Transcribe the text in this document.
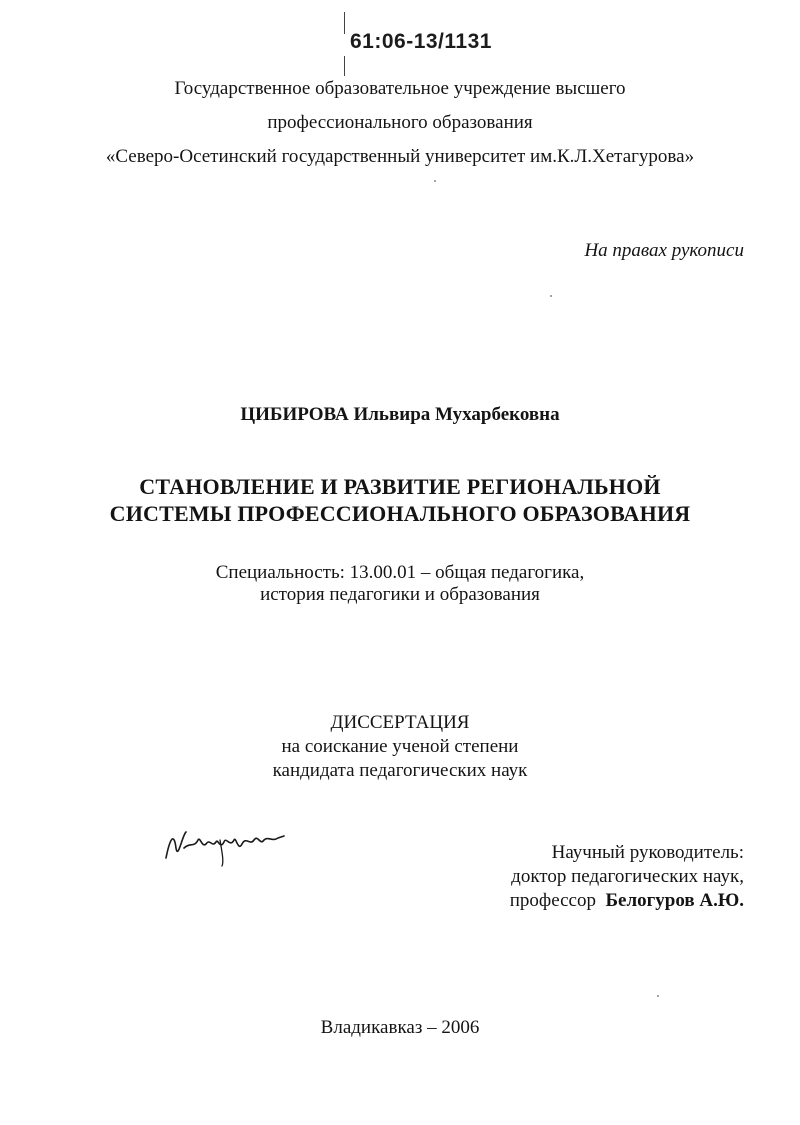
61:06-13/1131
Государственное образовательное учреждение высшего
профессионального образования
«Северо-Осетинский государственный университет им.К.Л.Хетагурова»
На правах рукописи
ЦИБИРОВА Ильвира Мухарбековна
СТАНОВЛЕНИЕ И РАЗВИТИЕ РЕГИОНАЛЬНОЙ
СИСТЕМЫ ПРОФЕССИОНАЛЬНОГО ОБРАЗОВАНИЯ
Специальность: 13.00.01 – общая педагогика,
история педагогики и образования
ДИССЕРТАЦИЯ
на соискание ученой степени
кандидата педагогических наук
Научный руководитель:
доктор педагогических наук,
профессор Белогуров А.Ю.
Владикавказ – 2006
